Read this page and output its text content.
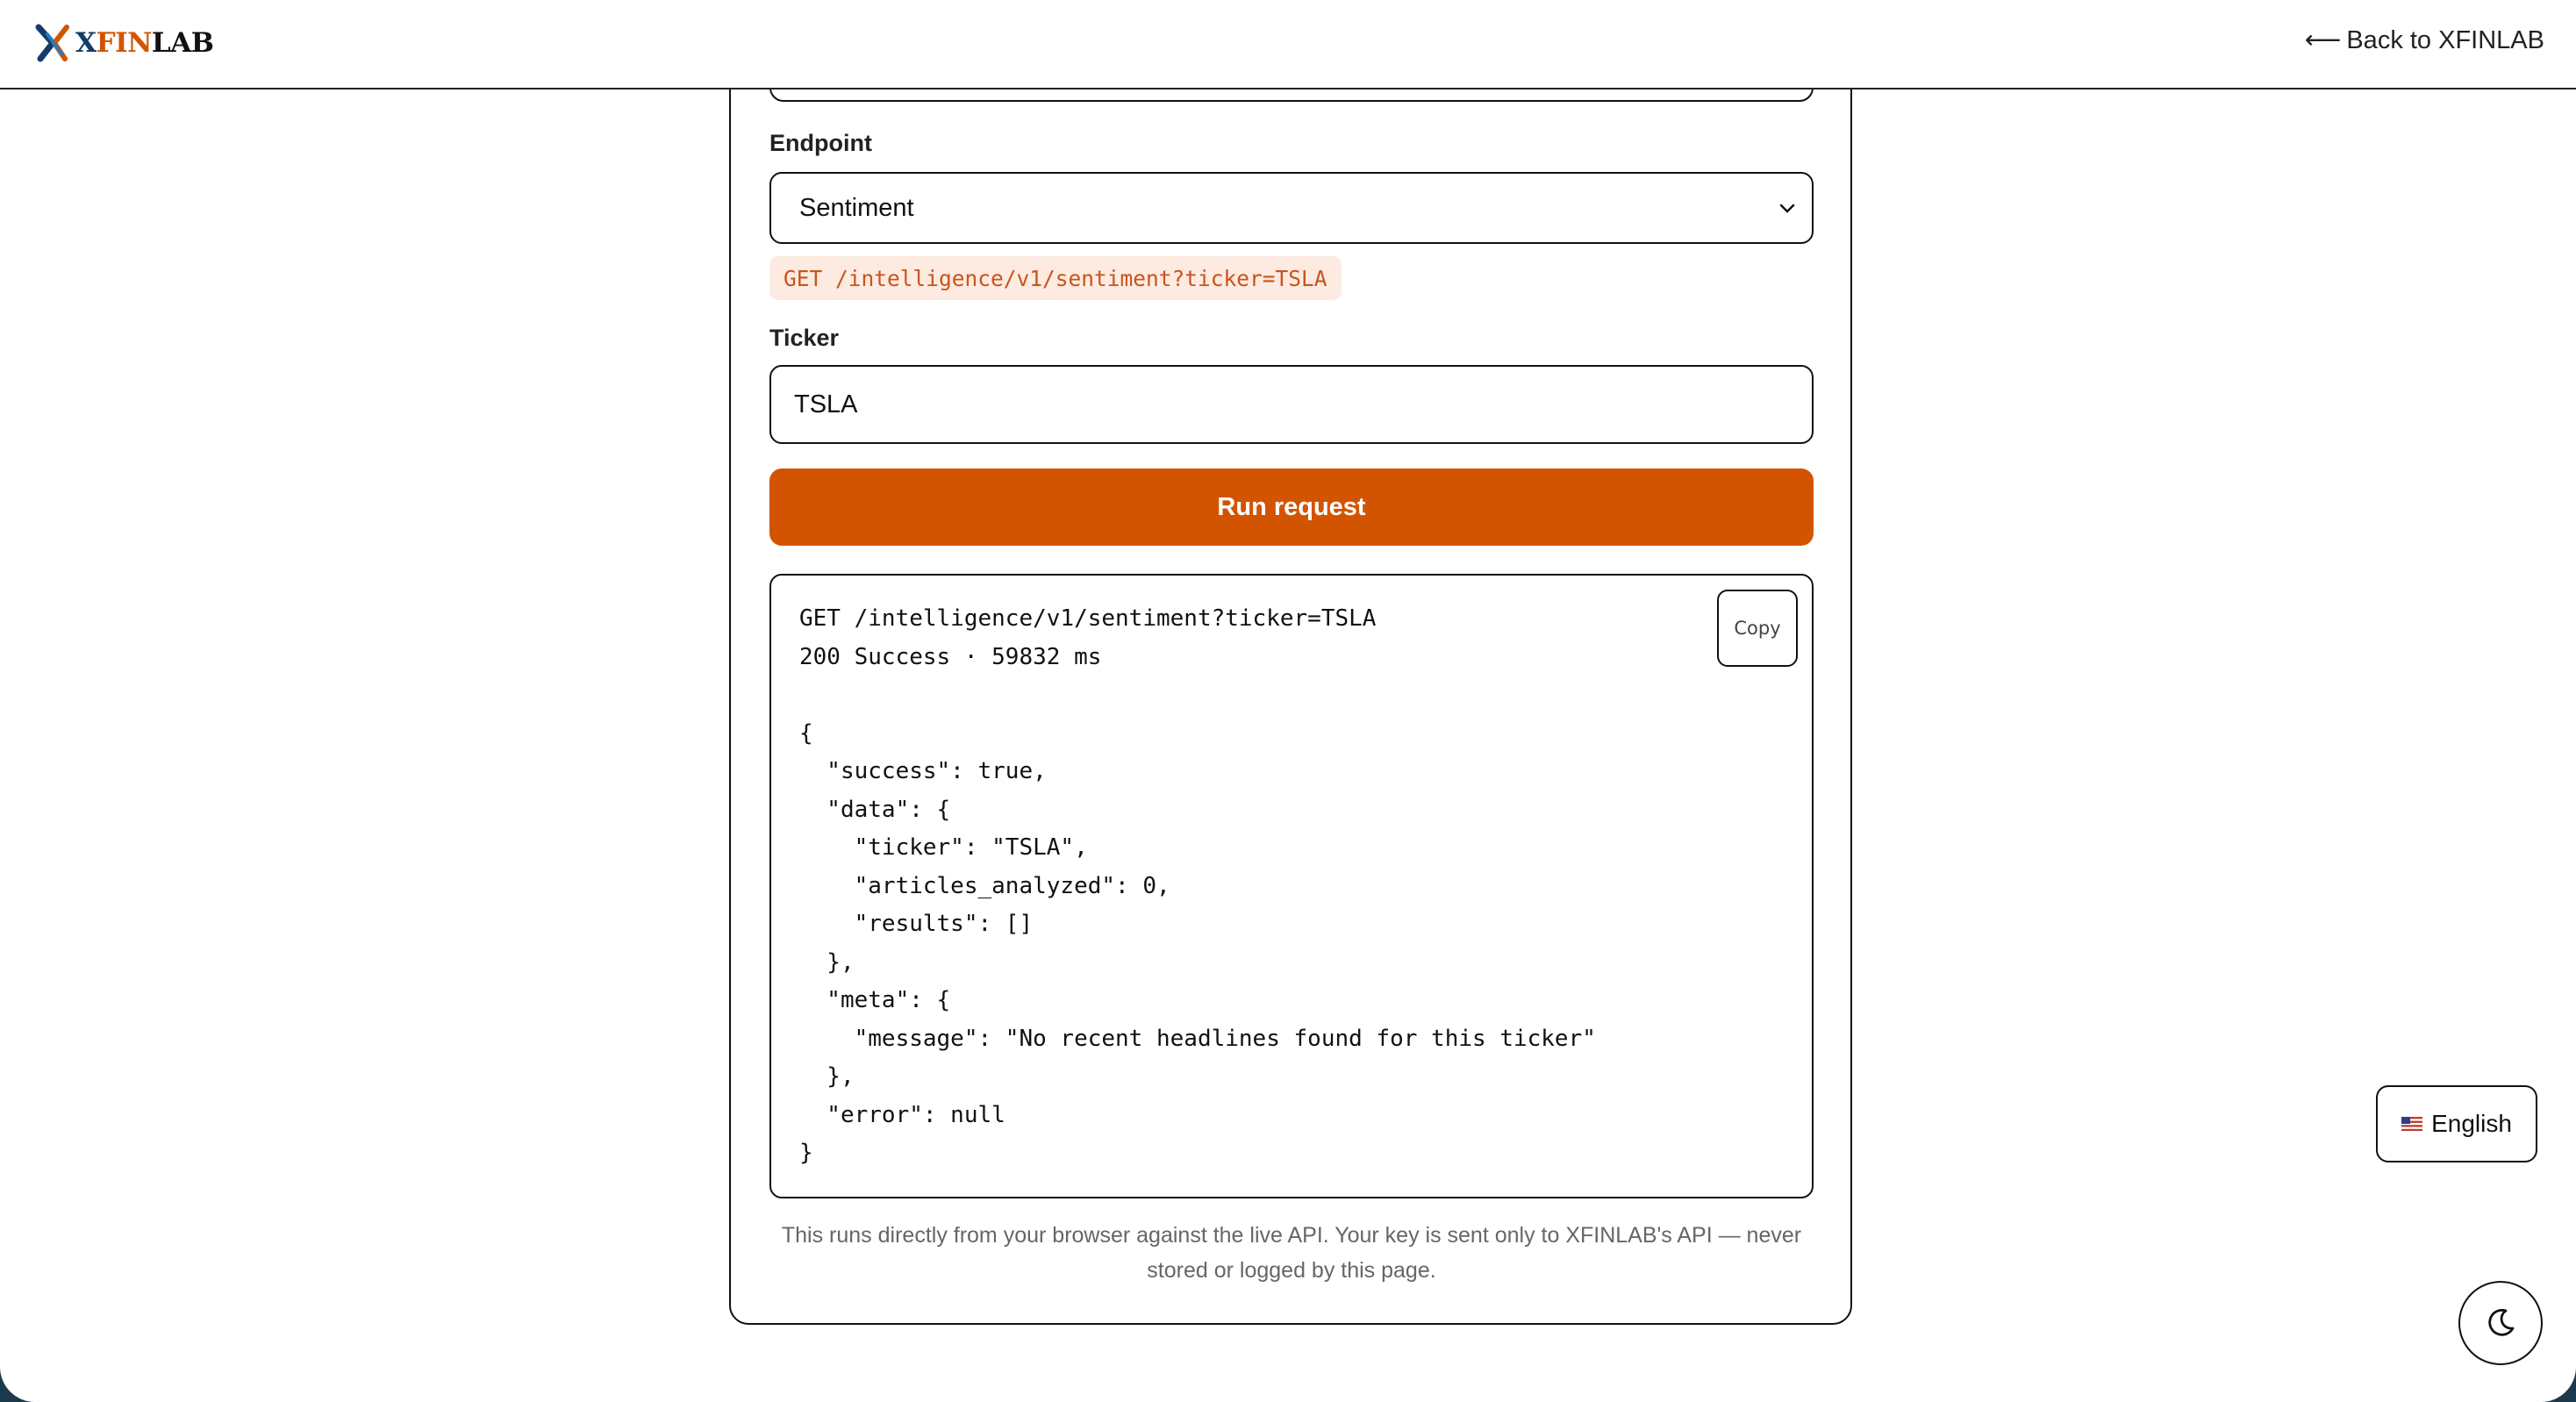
XFINLAB	⟵ Back to XFINLAB
Endpoint
Sentiment
GET /intelligence/v1/sentiment?ticker=TSLA
Ticker
TSLA
Run request
GET /intelligence/v1/sentiment?ticker=TSLA
200 Success · 59832 ms
{
"success": true,
"data": {
"ticker": "TSLA",
"articles_analyzed": 0,
"results": []
},
"meta": {
"message": "No recent headlines found for this ticker"
},
"error": null
}
Copy
This runs directly from your browser against the live API. Your key is sent only to XFINLAB's API — never stored or logged by this page.
English
